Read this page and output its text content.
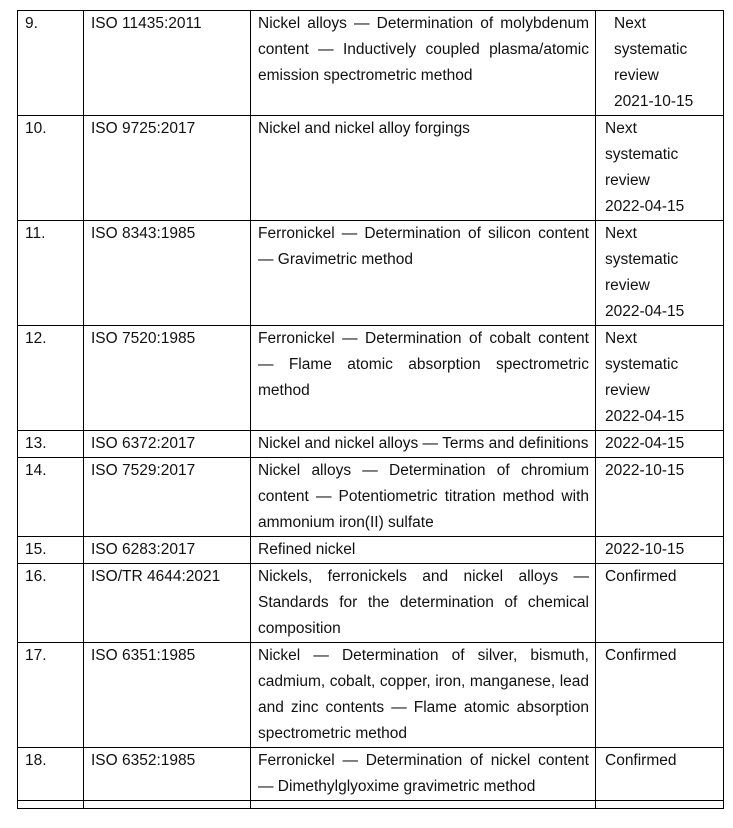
9.	ISO 11435:2011	Nickel alloys — Determination of molybdenum content — Inductively coupled plasma/atomic emission spectrometric method	Next
systematic
review
2021-10-15

10.	ISO 9725:2017	Nickel and nickel alloy forgings	Next
systematic
review
2022-04-15

11.	ISO 8343:1985	Ferronickel — Determination of silicon content — Gravimetric method	Next
systematic
review
2022-04-15

12.	ISO 7520:1985	Ferronickel — Determination of cobalt content — Flame atomic absorption spectrometric method	Next
systematic
review
2022-04-15

13.	ISO 6372:2017	Nickel and nickel alloys — Terms and definitions	2022-04-15

14.	ISO 7529:2017	Nickel alloys — Determination of chromium content — Potentiometric titration method with ammonium iron(II) sulfate	2022-10-15

15.	ISO 6283:2017	Refined nickel	2022-10-15

16.	ISO/TR 4644:2021	Nickels, ferronickels and nickel alloys — Standards for the determination of chemical composition	Confirmed

17.	ISO 6351:1985	Nickel — Determination of silver, bismuth, cadmium, cobalt, copper, iron, manganese, lead and zinc contents — Flame atomic absorption spectrometric method	Confirmed

18.	ISO 6352:1985	Ferronickel — Determination of nickel content — Dimethylglyoxime gravimetric method	Confirmed
